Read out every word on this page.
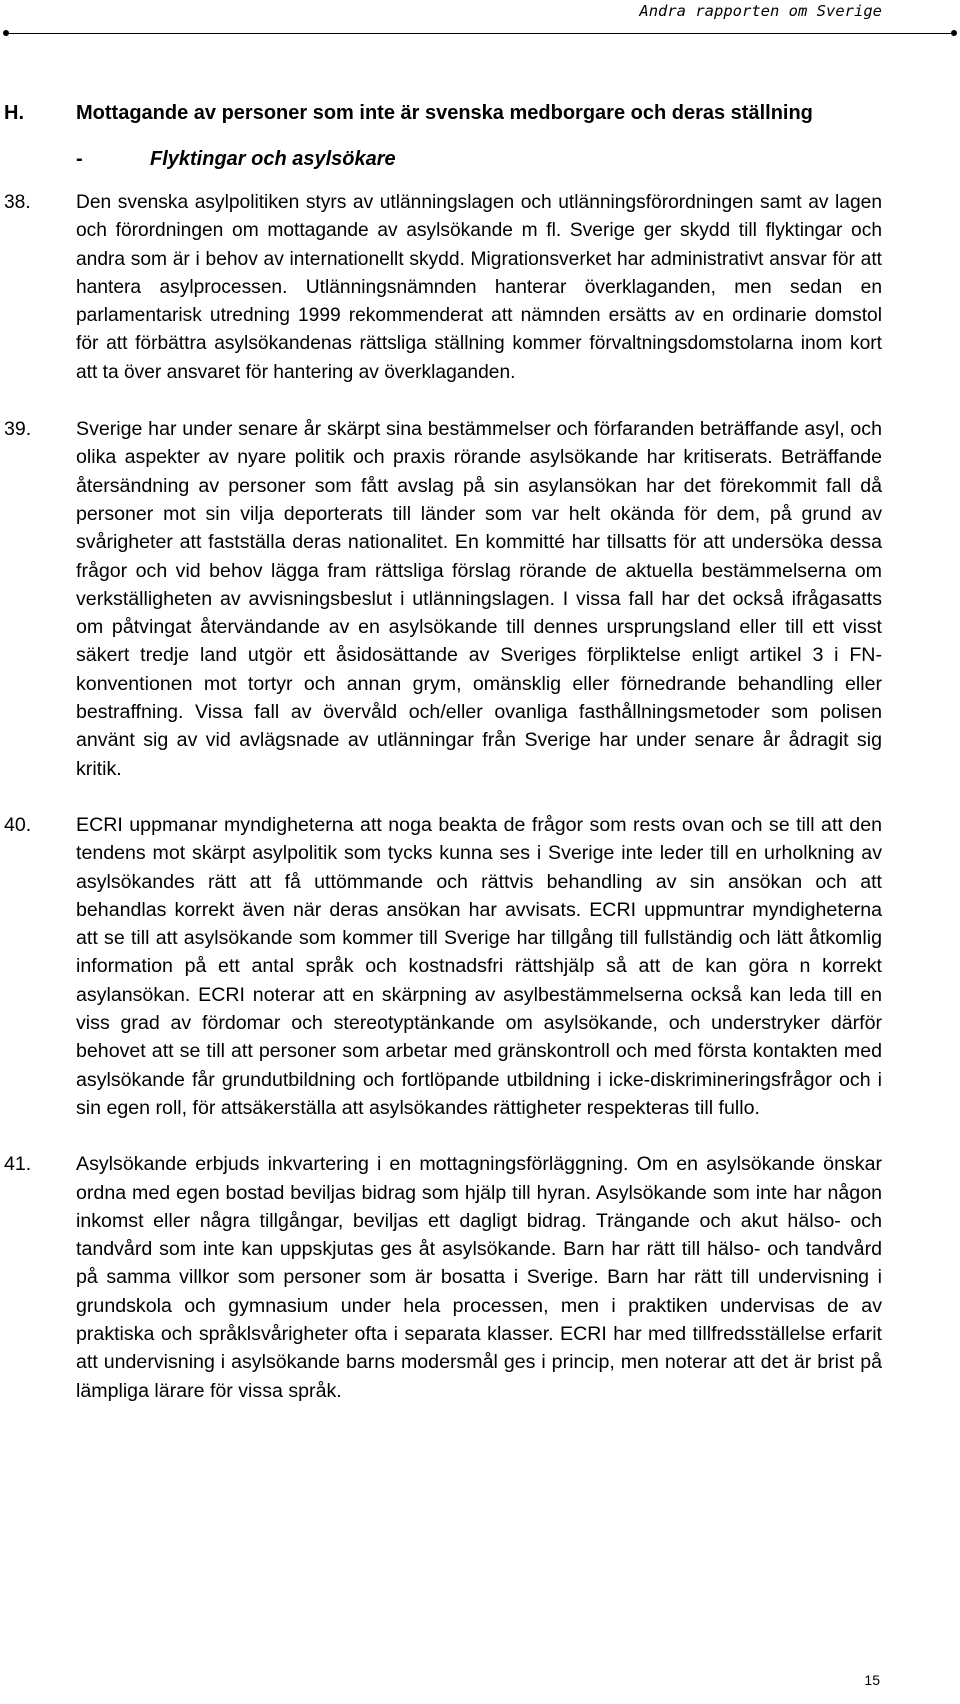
Andra rapporten om Sverige
H.	Mottagande av personer som inte är svenska medborgare och deras ställning
-	Flyktingar och asylsökare
38.	Den svenska asylpolitiken styrs av utlänningslagen och utlänningsförordningen samt av lagen och förordningen om mottagande av asylsökande m fl. Sverige ger skydd till flyktingar och andra som är i behov av internationellt skydd. Migrationsverket har administrativt ansvar för att hantera asylprocessen. Utlänningsnämnden hanterar överklaganden, men sedan en parlamentarisk utredning 1999 rekommenderat att nämnden ersätts av en ordinarie domstol för att förbättra asylsökandenas rättsliga ställning kommer förvaltningsdomstolarna inom kort att ta över ansvaret för hantering av överklaganden.
39.	Sverige har under senare år skärpt sina bestämmelser och förfaranden beträffande asyl, och olika aspekter av nyare politik och praxis rörande asylsökande har kritiserats. Beträffande återsändning av personer som fått avslag på sin asylansökan har det förekommit fall då personer mot sin vilja deporterats till länder som var helt okända för dem, på grund av svårigheter att fastställa deras nationalitet. En kommitté har tillsatts för att undersöka dessa frågor och vid behov lägga fram rättsliga förslag rörande de aktuella bestämmelserna om verkställigheten av avvisningsbeslut i utlänningslagen. I vissa fall har det också ifrågasatts om påtvingat återvändande av en asylsökande till dennes ursprungsland eller till ett visst säkert tredje land utgör ett åsidosättande av Sveriges förpliktelse enligt artikel 3 i FN-konventionen mot tortyr och annan grym, omänsklig eller förnedrande behandling eller bestraffning. Vissa fall av övervåld och/eller ovanliga fasthållningsmetoder som polisen använt sig av vid avlägsnade av utlänningar från Sverige har under senare år ådragit sig kritik.
40.	ECRI uppmanar myndigheterna att noga beakta de frågor som rests ovan och se till att den tendens mot skärpt asylpolitik som tycks kunna ses i Sverige inte leder till en urholkning av asylsökandes rätt att få uttömmande och rättvis behandling av sin ansökan och att behandlas korrekt även när deras ansökan har avvisats. ECRI uppmuntrar myndigheterna att se till att asylsökande som kommer till Sverige har tillgång till fullständig och lätt åtkomlig information på ett antal språk och kostnadsfri rättshjälp så att de kan göra n korrekt asylansökan. ECRI noterar att en skärpning av asylbestämmelserna också kan leda till en viss grad av fördomar och stereotyptänkande om asylsökande, och understryker därför behovet att se till att personer som arbetar med gränskontroll och med första kontakten med asylsökande får grundutbildning och fortlöpande utbildning i icke-diskrimineringsfrågor och i sin egen roll, för attsäkerställa att asylsökandes rättigheter respekteras till fullo.
41.	Asylsökande erbjuds inkvartering i en mottagningsförläggning. Om en asylsökande önskar ordna med egen bostad beviljas bidrag som hjälp till hyran. Asylsökande som inte har någon inkomst eller några tillgångar, beviljas ett dagligt bidrag. Trängande och akut hälso- och tandvård som inte kan uppskjutas ges åt asylsökande. Barn har rätt till hälso- och tandvård på samma villkor som personer som är bosatta i Sverige. Barn har rätt till undervisning i grundskola och gymnasium under hela processen, men i praktiken undervisas de av praktiska och språklsvårigheter ofta i separata klasser. ECRI har med tillfredsställelse erfarit att undervisning i asylsökande barns modersmål ges i princip, men noterar att det är brist på lämpliga lärare för vissa språk.
15
